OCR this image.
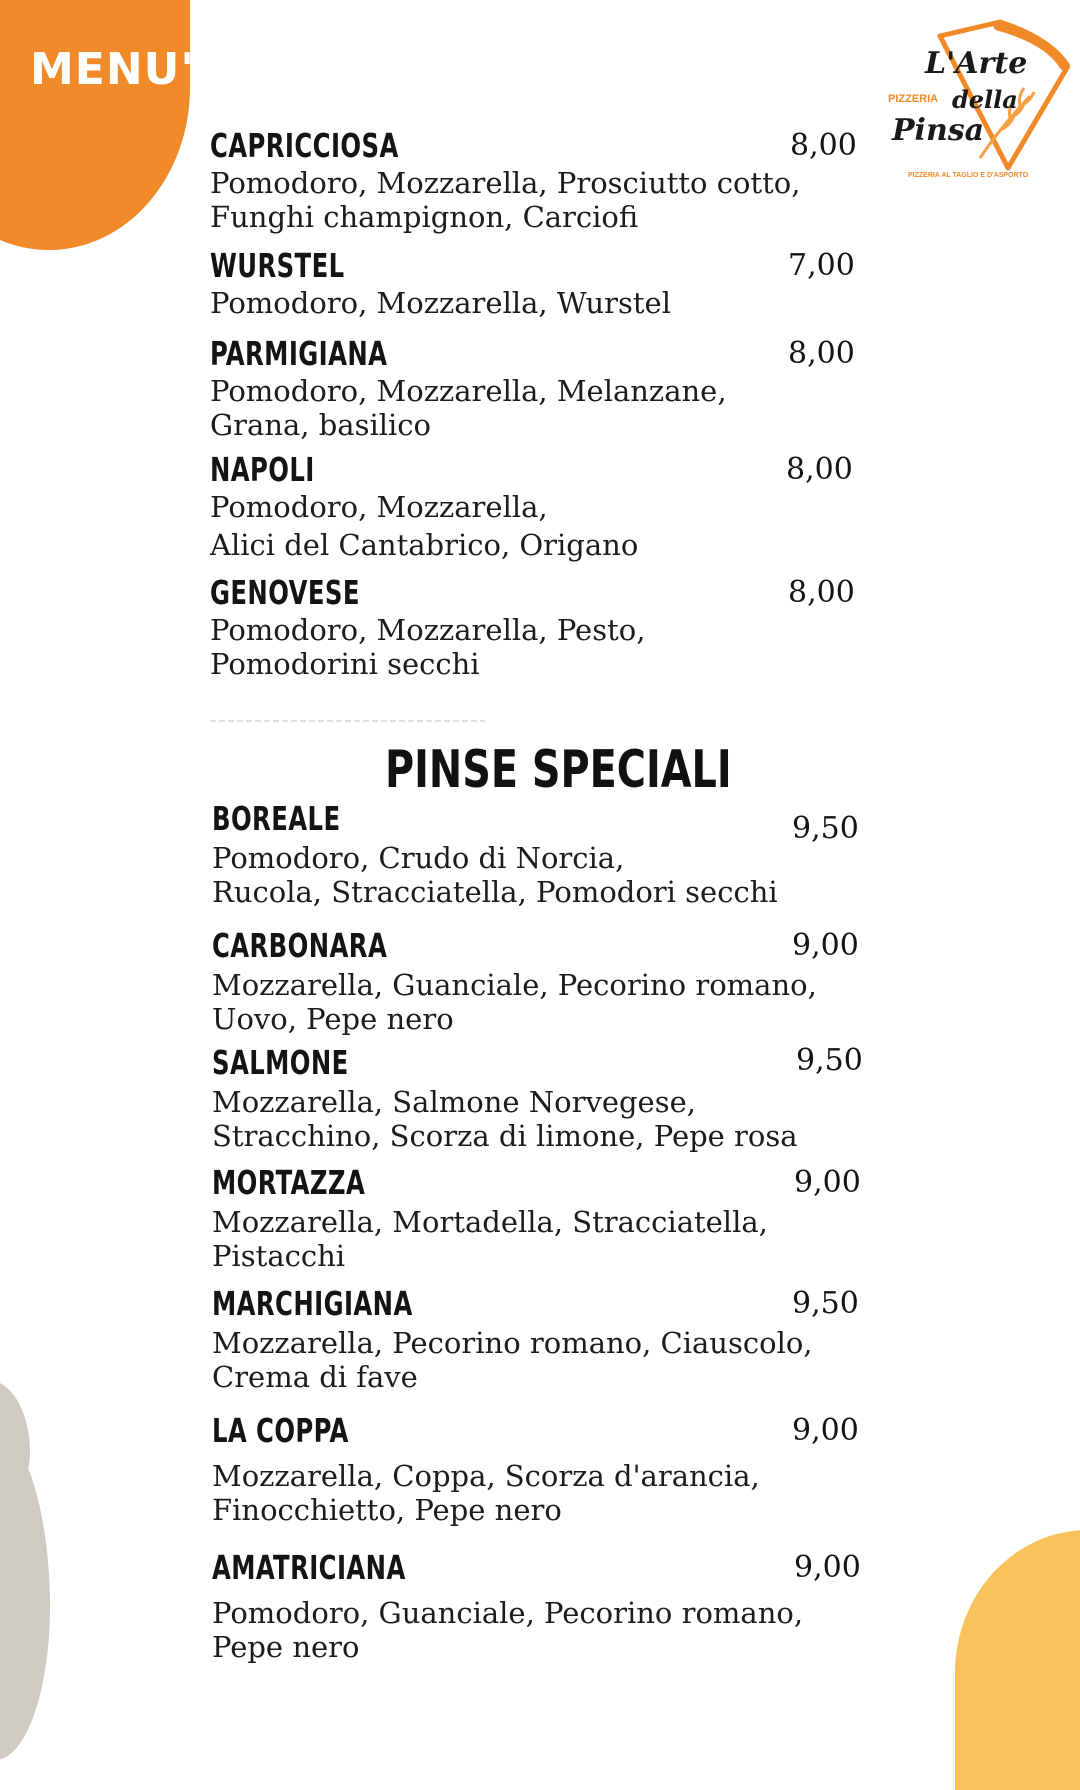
MENU'	L'Arte
PIZZERIA della
Pinsa
PIZZERIA AL TAGLIO E D'ASPORTO
CAPRICCIOSA	8,00
Pomodoro, Mozzarella, Prosciutto cotto,
Funghi champignon, Carciofi
WURSTEL	7,00
Pomodoro, Mozzarella, Wurstel
PARMIGIANA	8,00
Pomodoro, Mozzarella, Melanzane,
Grana, basilico
NAPOLI	8,00
Pomodoro, Mozzarella,
Alici del Cantabrico, Origano
GENOVESE	8,00
Pomodoro, Mozzarella, Pesto,
Pomodorini secchi
PINSE SPECIALI
BOREALE	9,50
Pomodoro, Crudo di Norcia,
Rucola, Stracciatella, Pomodori secchi
CARBONARA	9,00
Mozzarella, Guanciale, Pecorino romano,
Uovo, Pepe nero
SALMONE	9,50
Mozzarella, Salmone Norvegese,
Stracchino, Scorza di limone, Pepe rosa
MORTAZZA	9,00
Mozzarella, Mortadella, Stracciatella,
Pistacchi
MARCHIGIANA	9,50
Mozzarella, Pecorino romano, Ciauscolo,
Crema di fave
LA COPPA	9,00
Mozzarella, Coppa, Scorza d'arancia,
Finocchietto, Pepe nero
AMATRICIANA	9,00
Pomodoro, Guanciale, Pecorino romano,
Pepe nero
